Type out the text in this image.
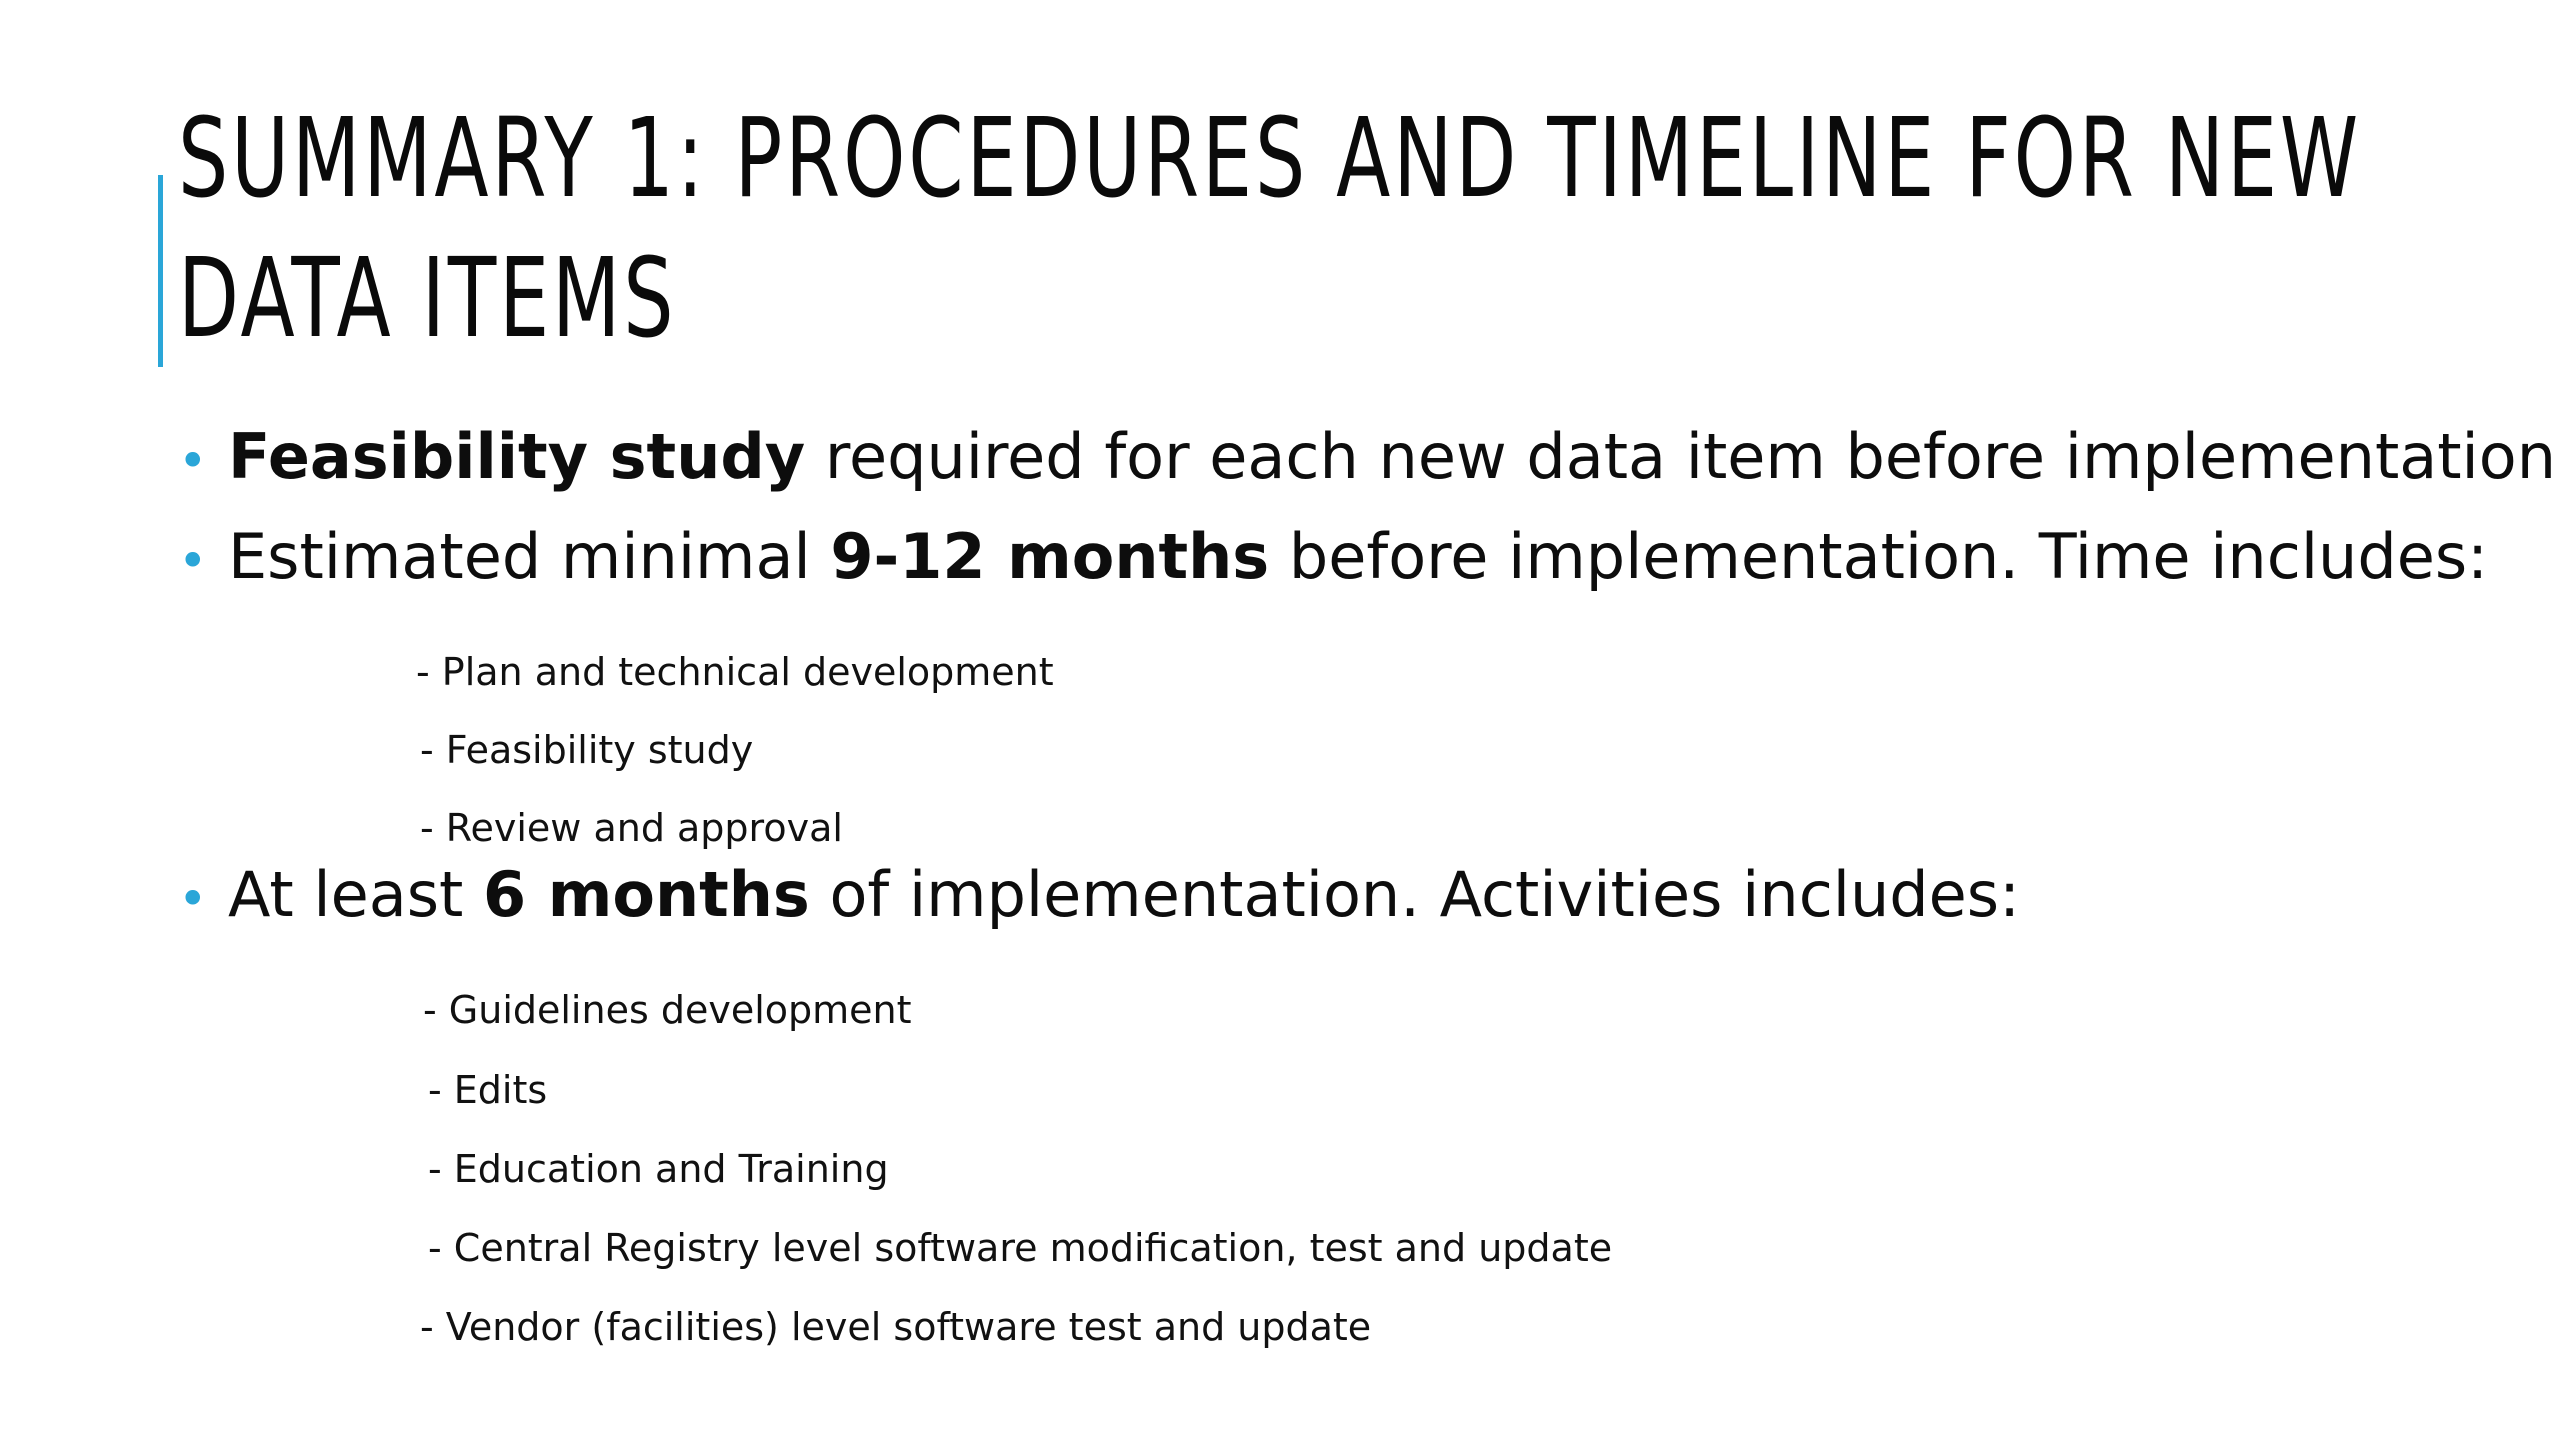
SUMMARY 1: PROCEDURES AND TIMELINE FOR NEW
DATA ITEMS
• Feasibility study required for each new data item before implementation
• Estimated minimal 9-12 months before implementation. Time includes:
- Plan and technical development
- Feasibility study
- Review and approval
• At least 6 months of implementation. Activities includes:
- Guidelines development
- Edits
- Education and Training
- Central Registry level software modification, test and update
- Vendor (facilities) level software test and update
